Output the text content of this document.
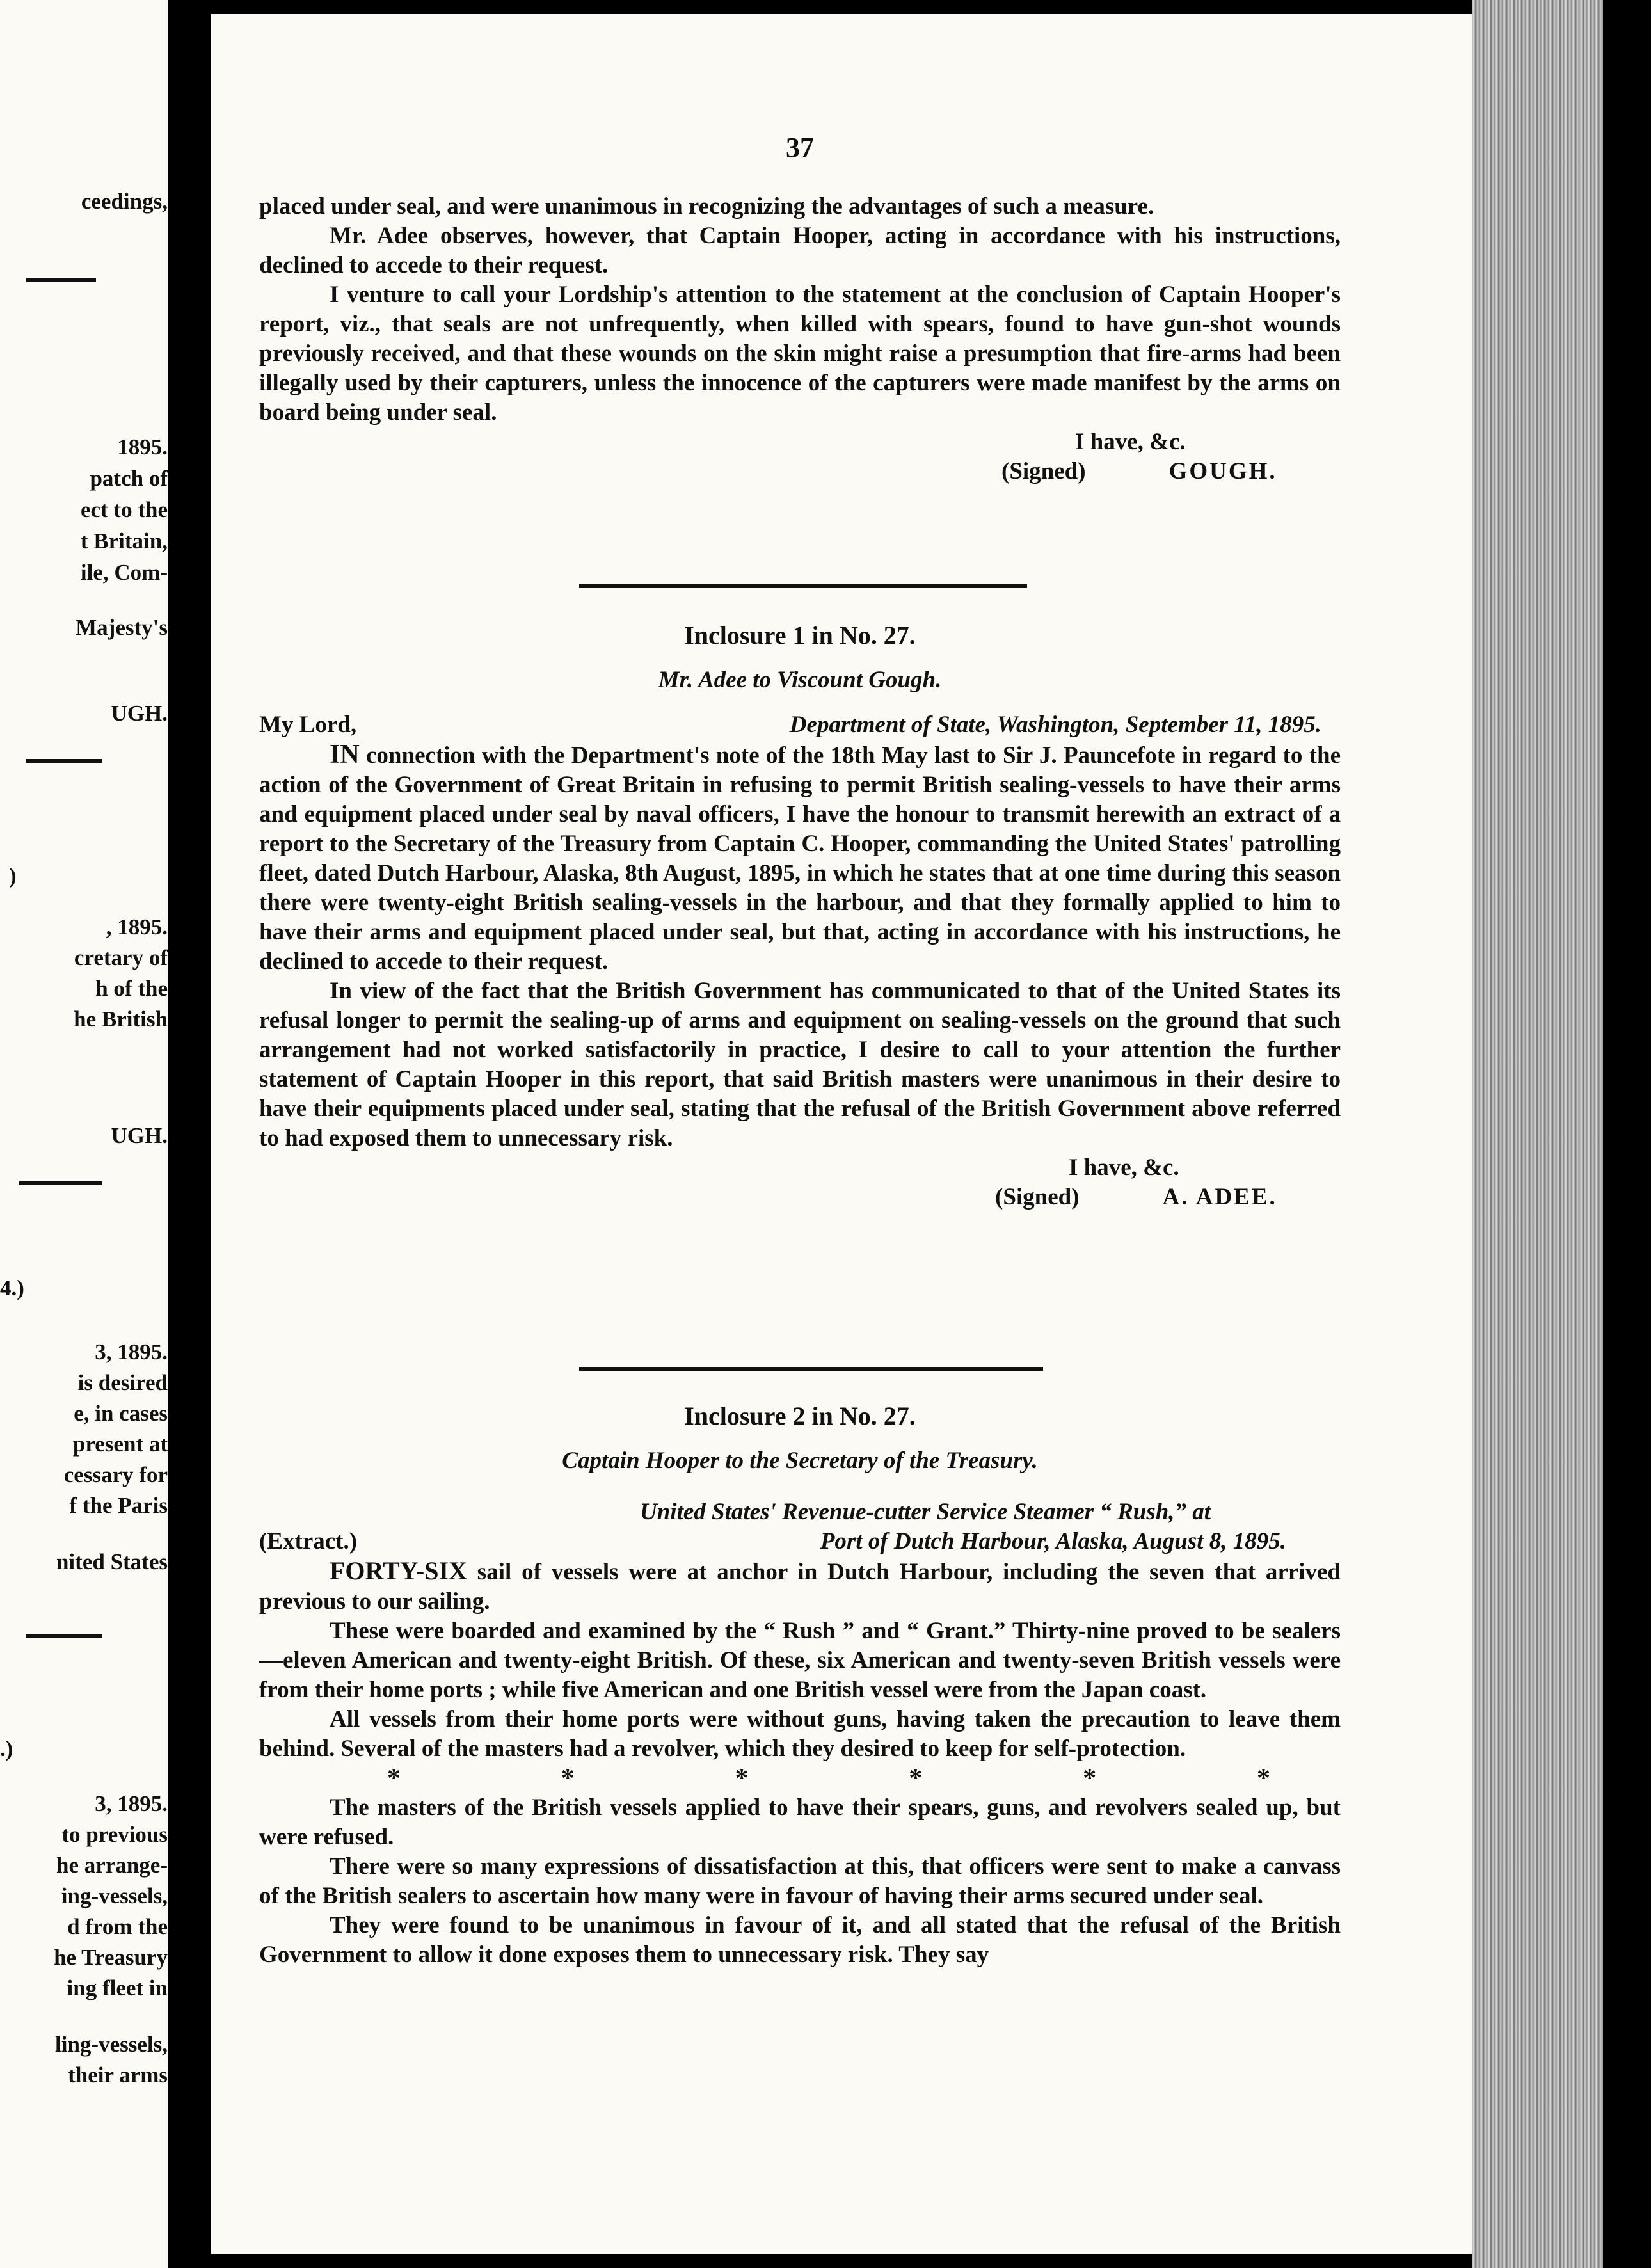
ceedings,
1895.
patch of
ect to the
t Britain,
ile, Com-
Majesty's
UGH.
)
, 1895.
cretary of
h of the
he British
UGH.
4.)
3, 1895.
is desired
e, in cases
present at
cessary for
f the Paris
nited States
.)
3, 1895.
to previous
he arrange-
ing-vessels,
d from the
he Treasury
ing fleet in
ling-vessels,
their arms

37

placed under seal, and were unanimous in recognizing the advantages of such a measure.

Mr. Adee observes, however, that Captain Hooper, acting in accordance with his instructions, declined to accede to their request.

I venture to call your Lordship's attention to the statement at the conclusion of Captain Hooper's report, viz., that seals are not unfrequently, when killed with spears, found to have gun-shot wounds previously received, and that these wounds on the skin might raise a presumption that fire-arms had been illegally used by their capturers, unless the innocence of the capturers were made manifest by the arms on board being under seal.

I have, &c.

(Signed)	GOUGH.

Inclosure 1 in No. 27.

Mr. Adee to Viscount Gough.

My Lord,	Department of State, Washington, September 11, 1895.

IN connection with the Department's note of the 18th May last to Sir J. Pauncefote in regard to the action of the Government of Great Britain in refusing to permit British sealing-vessels to have their arms and equipment placed under seal by naval officers, I have the honour to transmit herewith an extract of a report to the Secretary of the Treasury from Captain C. Hooper, commanding the United States' patrolling fleet, dated Dutch Harbour, Alaska, 8th August, 1895, in which he states that at one time during this season there were twenty-eight British sealing-vessels in the harbour, and that they formally applied to him to have their arms and equipment placed under seal, but that, acting in accordance with his instructions, he declined to accede to their request.

In view of the fact that the British Government has communicated to that of the United States its refusal longer to permit the sealing-up of arms and equipment on sealing-vessels on the ground that such arrangement had not worked satisfactorily in practice, I desire to call to your attention the further statement of Captain Hooper in this report, that said British masters were unanimous in their desire to have their equipments placed under seal, stating that the refusal of the British Government above referred to had exposed them to unnecessary risk.

I have, &c.

(Signed)	A. ADEE.

Inclosure 2 in No. 27.

Captain Hooper to the Secretary of the Treasury.

United States' Revenue-cutter Service Steamer “ Rush,” at

(Extract.)	Port of Dutch Harbour, Alaska, August 8, 1895.

FORTY-SIX sail of vessels were at anchor in Dutch Harbour, including the seven that arrived previous to our sailing.

These were boarded and examined by the “ Rush ” and “ Grant.” Thirty-nine proved to be sealers—eleven American and twenty-eight British. Of these, six American and twenty-seven British vessels were from their home ports ; while five American and one British vessel were from the Japan coast.

All vessels from their home ports were without guns, having taken the precaution to leave them behind. Several of the masters had a revolver, which they desired to keep for self-protection.

*	*	*	*	*	*

The masters of the British vessels applied to have their spears, guns, and revolvers sealed up, but were refused.

There were so many expressions of dissatisfaction at this, that officers were sent to make a canvass of the British sealers to ascertain how many were in favour of having their arms secured under seal.

They were found to be unanimous in favour of it, and all stated that the refusal of the British Government to allow it done exposes them to unnecessary risk. They say
